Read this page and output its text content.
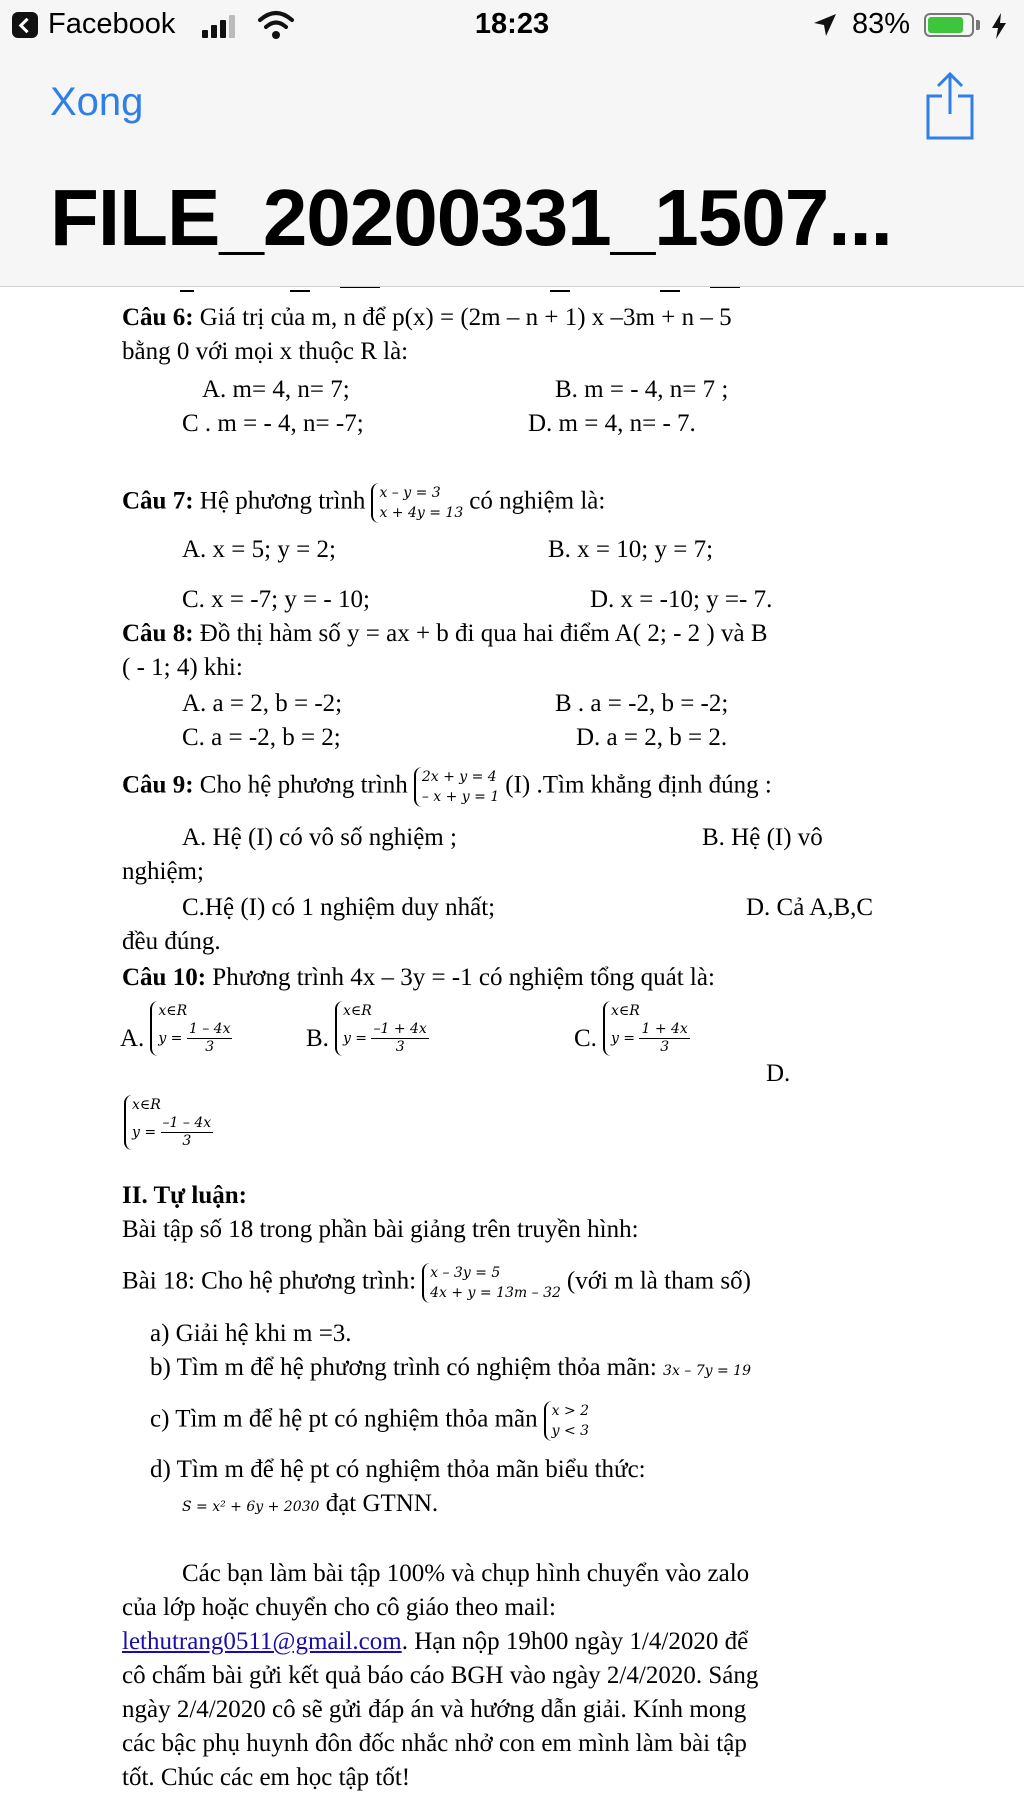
Facebook	18:23	83%
Xong
FILE_20200331_1507...
Câu 6: Giá trị của m, n để p(x) = (2m – n + 1) x –3m + n – 5
bằng 0 với mọi x thuộc R là:
A. m= 4, n= 7;	B. m = - 4, n= 7 ;
C . m = - 4, n= -7;	D. m = 4, n= - 7.
Câu 7: Hệ phương trình x – y = 3
x + 4y = 13 có nghiệm là:
A. x = 5; y = 2;	B. x = 10; y = 7;
C. x = -7; y = - 10;	D. x = -10; y =- 7.
Câu 8: Đồ thị hàm số y = ax + b đi qua hai điểm A( 2; - 2 ) và B
( - 1; 4) khi:
A. a = 2, b = -2;	B . a = -2, b = -2;
C. a = -2, b = 2;	D. a = 2, b = 2.
Câu 9: Cho hệ phương trình 2x + y = 4
– x + y = 1 (I) .Tìm khẳng định đúng :
A. Hệ (I) có vô số nghiệm ;	B. Hệ (I) vô
nghiệm;
C.Hệ (I) có 1 nghiệm duy nhất;	D. Cả A,B,C
đều đúng.
Câu 10: Phương trình 4x – 3y = -1 có nghiệm tổng quát là:
A.x∈R
$y = \frac{1 - 4x}{3}$	B.x∈R
$y = \frac{-1 + 4x}{3}$	C.x∈R
$y = \frac{1 + 4x}{3}$
D.
x∈R
$y = \frac{-1 - 4x}{3}$
II. Tự luận:
Bài tập số 18 trong phần bài giảng trên truyền hình:
Bài 18: Cho hệ phương trình: x – 3y = 5
4x + y = 13m – 32 (với m là tham số)
a) Giải hệ khi m =3.
b) Tìm m để hệ phương trình có nghiệm thỏa mãn: 3x – 7y = 19
c) Tìm m để hệ pt có nghiệm thỏa mãn x > 2
y < 3
d) Tìm m để hệ pt có nghiệm thỏa mãn biểu thức:
S = x² + 6y + 2030 đạt GTNN.
Các bạn làm bài tập 100% và chụp hình chuyển vào zalo
của lớp hoặc chuyển cho cô giáo theo mail:
lethutrang0511@gmail.com. Hạn nộp 19h00 ngày 1/4/2020 để
cô chấm bài gửi kết quả báo cáo BGH vào ngày 2/4/2020. Sáng
ngày 2/4/2020 cô sẽ gửi đáp án và hướng dẫn giải. Kính mong
các bậc phụ huynh đôn đốc nhắc nhở con em mình làm bài tập
tốt. Chúc các em học tập tốt!
